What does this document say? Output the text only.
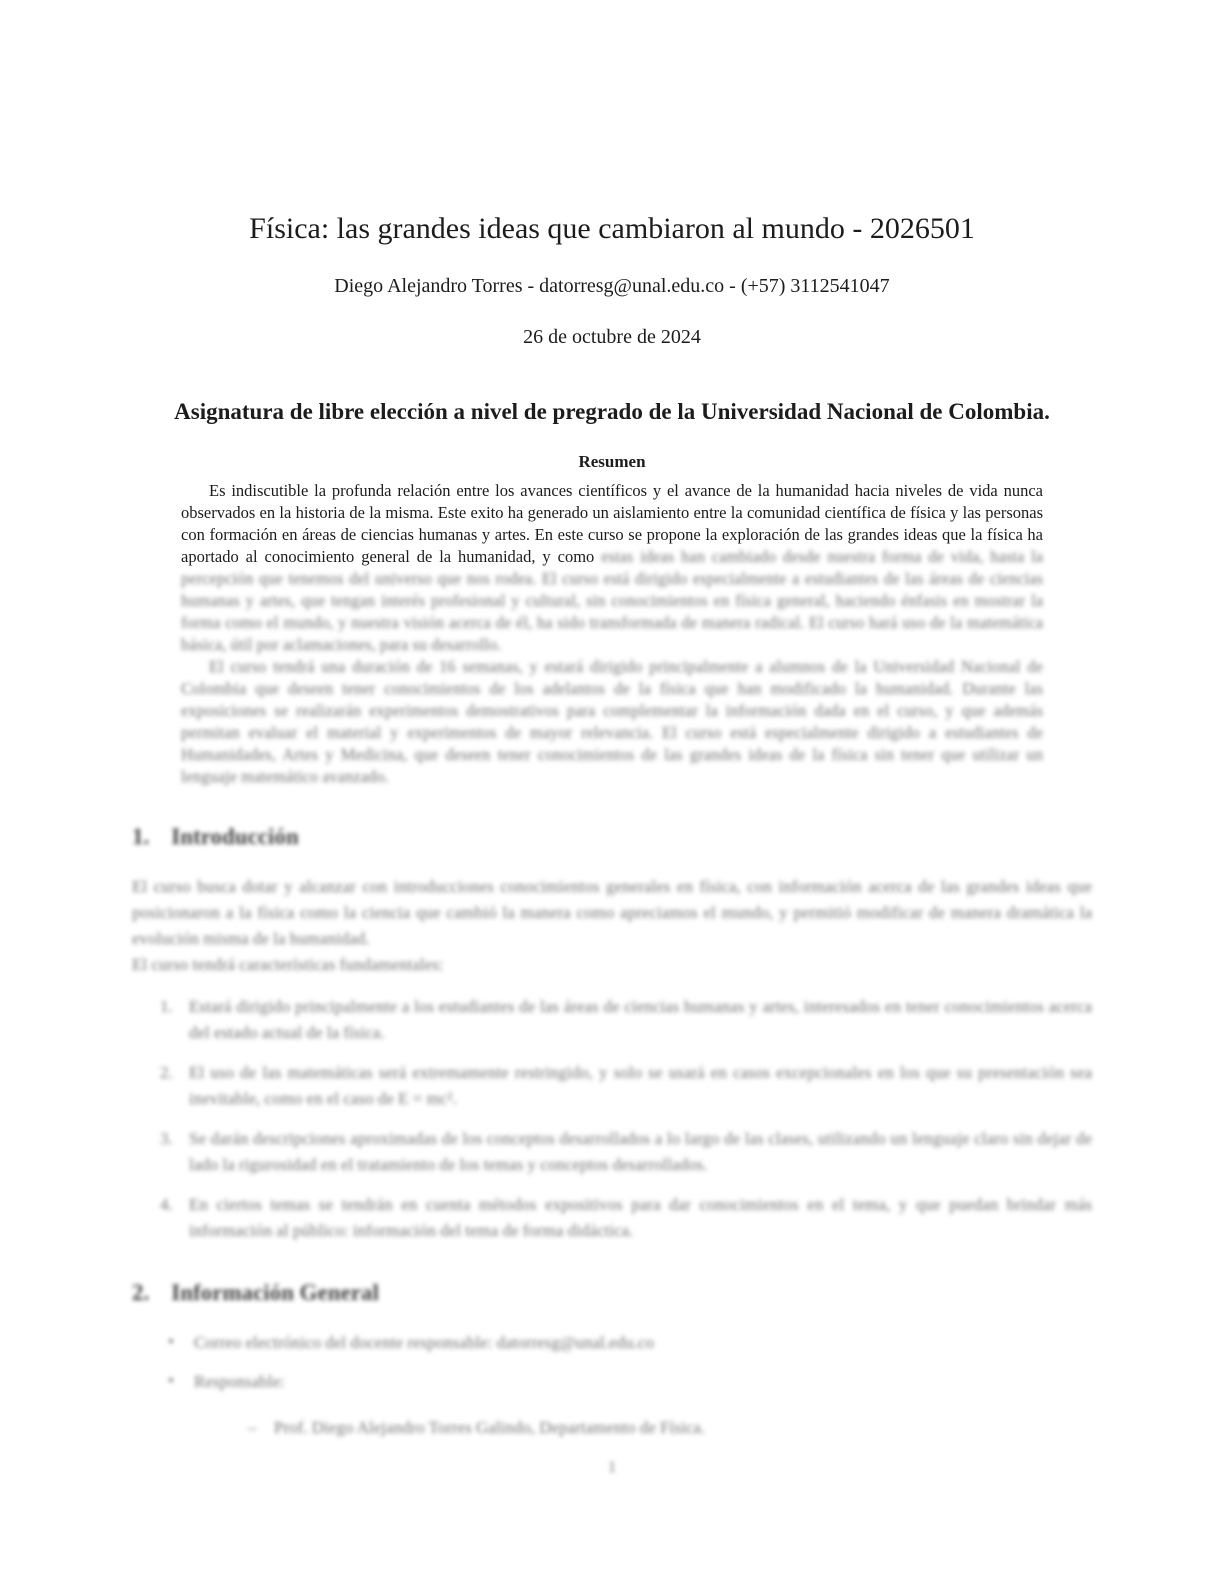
Física: las grandes ideas que cambiaron al mundo - 2026501
Diego Alejandro Torres - datorresg@unal.edu.co - (+57) 3112541047
26 de octubre de 2024
Asignatura de libre elección a nivel de pregrado de la Universidad Nacional de Colombia.
Resumen

Es indiscutible la profunda relación entre los avances científicos y el avance de la humanidad hacia niveles de vida nunca observados en la historia de la misma. Este exito ha generado un aislamiento entre la comunidad científica de física y las personas con formación en áreas de ciencias humanas y artes. En este curso se propone la exploración de las grandes ideas que la física ha aportado al conocimiento general de la humanidad, y como estas ideas han cambiado desde nuestra forma de vida, hasta la percepción que tenemos del universo que nos rodea. El curso está dirigido especialmente a estudiantes de las áreas de ciencias humanas y artes, que tengan interés profesional y cultural, sin conocimientos en física general, haciendo énfasis en mostrar la forma como el mundo, y nuestra visión acerca de él, ha sido transformada de manera radical. El curso hará uso de la matemática básica, útil por aclamaciones, para su desarrollo.

El curso tendrá una duración de 16 semanas, y estará dirigido principalmente a alumnos de la Universidad Nacional de Colombia que deseen tener conocimientos de los adelantos de la física que han modificado la humanidad. Durante las exposiciones se realizarán experimentos demostrativos para complementar la información dada en el curso, y que además permitan evaluar el material y experimentos de mayor relevancia. El curso está especialmente dirigido a estudiantes de Humanidades, Artes y Medicina, que deseen tener conocimientos de las grandes ideas de la física sin tener que utilizar un lenguaje matemático avanzado.

1. Introducción

El curso busca dotar y alcanzar con introducciones conocimientos generales en física, con información acerca de las grandes ideas que posicionaron a la física como la ciencia que cambió la manera como apreciamos el mundo, y permitió modificar de manera dramática la evolución misma de la humanidad.

El curso tendrá características fundamentales:

1. Estará dirigido principalmente a los estudiantes de las áreas de ciencias humanas y artes, interesados en tener conocimientos acerca del estado actual de la física.
2. El uso de las matemáticas será extremamente restringido, y solo se usará en casos excepcionales en los que su presentación sea inevitable, como en el caso de E = mc².
3. Se darán descripciones aproximadas de los conceptos desarrollados a lo largo de las clases, utilizando un lenguaje claro sin dejar de lado la rigurosidad en el tratamiento de los temas y conceptos desarrollados.
4. En ciertos temas se tendrán en cuenta métodos expositivos para dar conocimientos en el tema, y que puedan brindar más información al público: información del tema de forma didáctica.
2. Información General
• Correo electrónico del docente responsable: datorresg@unal.edu.co
• Responsable:
– Prof. Diego Alejandro Torres Galindo, Departamento de Física.
1
